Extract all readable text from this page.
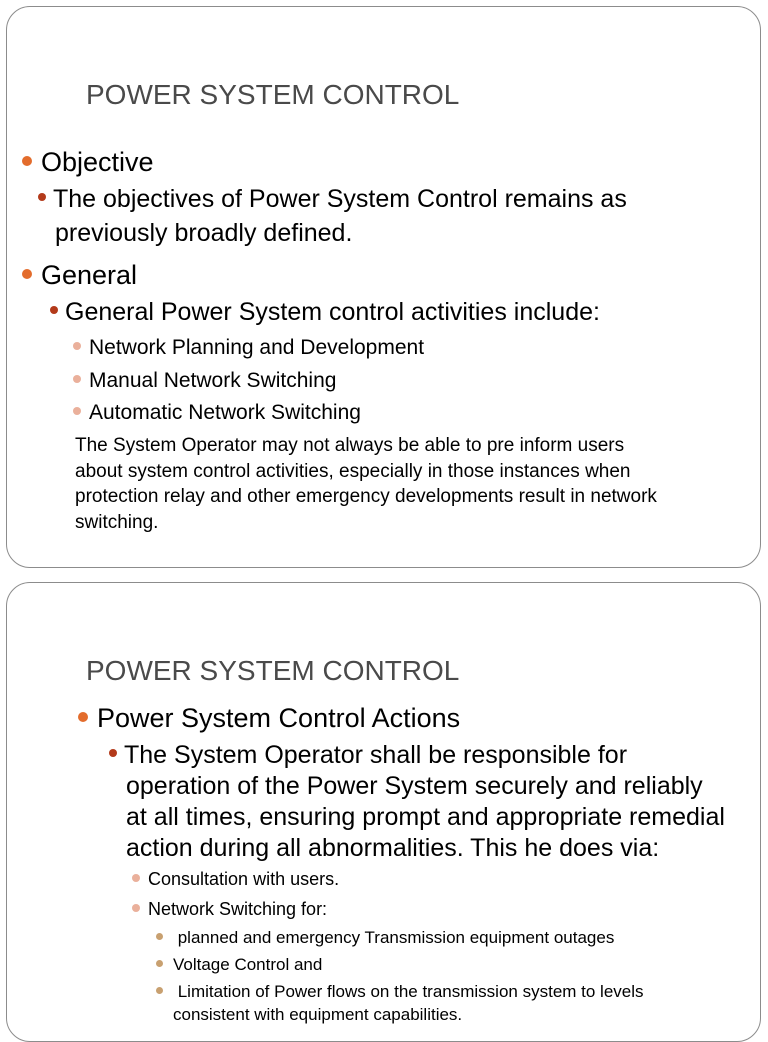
POWER SYSTEM CONTROL
Objective
The objectives of Power System Control remains as
previously broadly defined.
General
General Power System control activities include:
Network Planning and Development
Manual Network Switching
Automatic Network Switching
The System Operator may not always be able to pre inform users
about system control activities, especially in those instances when
protection relay and other emergency developments result in network
switching.
POWER SYSTEM CONTROL
Power System Control Actions
The System Operator shall be responsible for
operation of the Power System securely and reliably
at all times, ensuring prompt and appropriate remedial
action during all abnormalities. This he does via:
Consultation with users.
Network Switching for:
planned and emergency Transmission equipment outages
Voltage Control and
Limitation of Power flows on the transmission system to levels
consistent with equipment capabilities.
